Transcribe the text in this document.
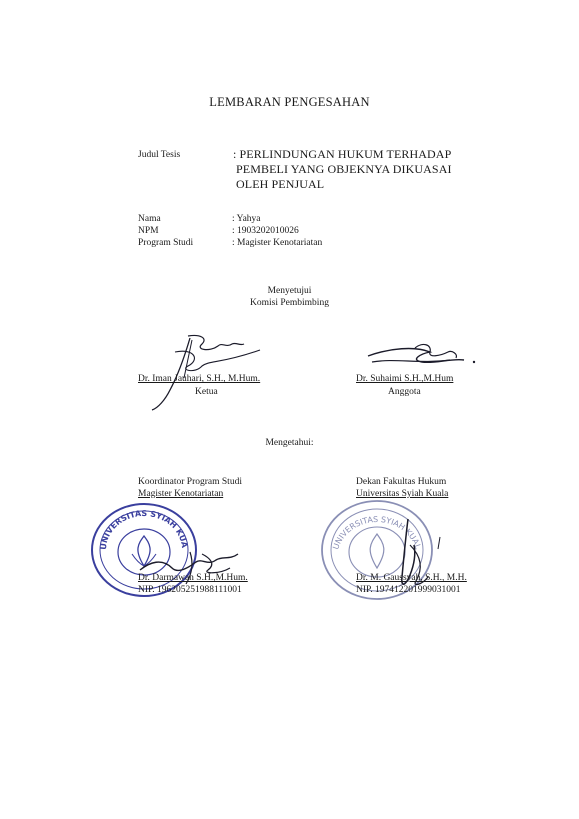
LEMBARAN PENGESAHAN
Judul Tesis	: PERLINDUNGAN HUKUM TERHADAP
PEMBELI YANG OBJEKNYA DIKUASAI
OLEH PENJUAL
Nama	: Yahya
NPM	: 1903202010026
Program Studi	: Magister Kenotariatan
Menyetujui
Komisi Pembimbing
Dr. Iman Jauhari, S.H., M.Hum.
Ketua
Dr. Suhaimi S.H.,M.Hum
Anggota
Mengetahui:
Koordinator Program Studi
Magister Kenotariatan
Dekan Fakultas Hukum
Universitas Syiah Kuala
UNIVERSITAS SYIAH KUALA
UNIVERSITAS SYIAH KUALA
Dr. Darmawan S.H.,M.Hum.
NIP. 196205251988111001
Dr. M. Gaussyah, S.H., M.H.
NIP. 197412201999031001
